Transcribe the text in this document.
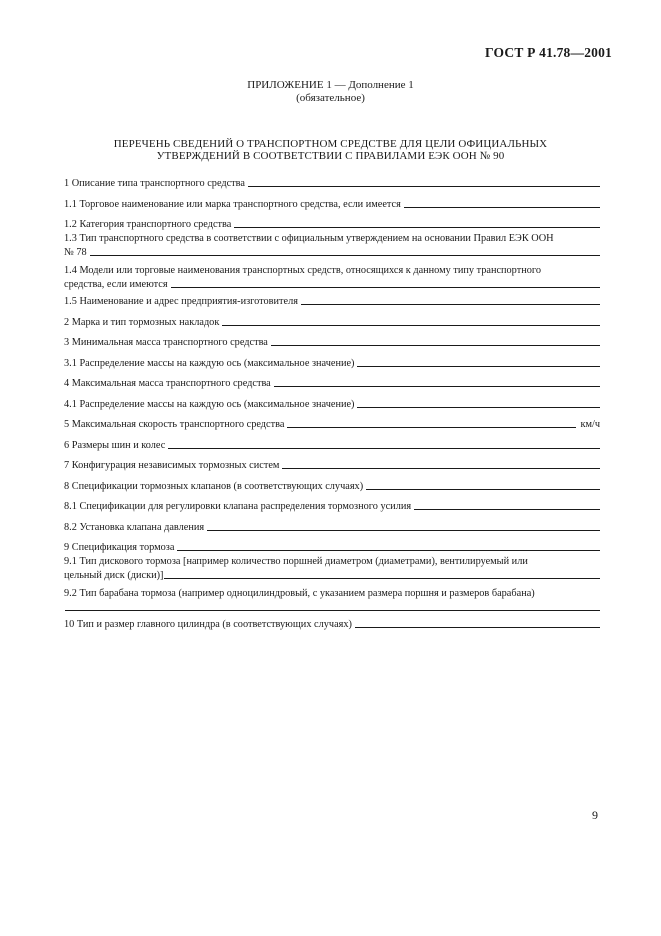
ГОСТ Р 41.78—2001
ПРИЛОЖЕНИЕ 1 — Дополнение 1
(обязательное)
ПЕРЕЧЕНЬ СВЕДЕНИЙ О ТРАНСПОРТНОМ СРЕДСТВЕ ДЛЯ ЦЕЛИ ОФИЦИАЛЬНЫХ
УТВЕРЖДЕНИЙ В СООТВЕТСТВИИ С ПРАВИЛАМИ ЕЭК ООН № 90
1 Описание типа транспортного средства
1.1 Торговое наименование или марка транспортного средства, если имеется
1.2 Категория транспортного средства
1.3 Тип транспортного средства в соответствии с официальным утверждением на основании Правил ЕЭК ООН
№ 78
1.4 Модели или торговые наименования транспортных средств, относящихся к данному типу транспортного
средства, если имеются
1.5 Наименование и адрес предприятия-изготовителя
2 Марка и тип тормозных накладок
3 Минимальная масса транспортного средства
3.1 Распределение массы на каждую ось (максимальное значение)
4 Максимальная масса транспортного средства
4.1 Распределение массы на каждую ось (максимальное значение)
5 Максимальная скорость транспортного средства	км/ч
6 Размеры шин и колес
7 Конфигурация независимых тормозных систем
8 Спецификации тормозных клапанов (в соответствующих случаях)
8.1 Спецификации для регулировки клапана распределения тормозного усилия
8.2 Установка клапана давления
9 Спецификация тормоза
9.1 Тип дискового тормоза [например количество поршней диаметром (диаметрами), вентилируемый или
цельный диск (диски)]
9.2 Тип барабана тормоза (например одноцилиндровый, с указанием размера поршня и размеров барабана)
10 Тип и размер главного цилиндра (в соответствующих случаях)
9
